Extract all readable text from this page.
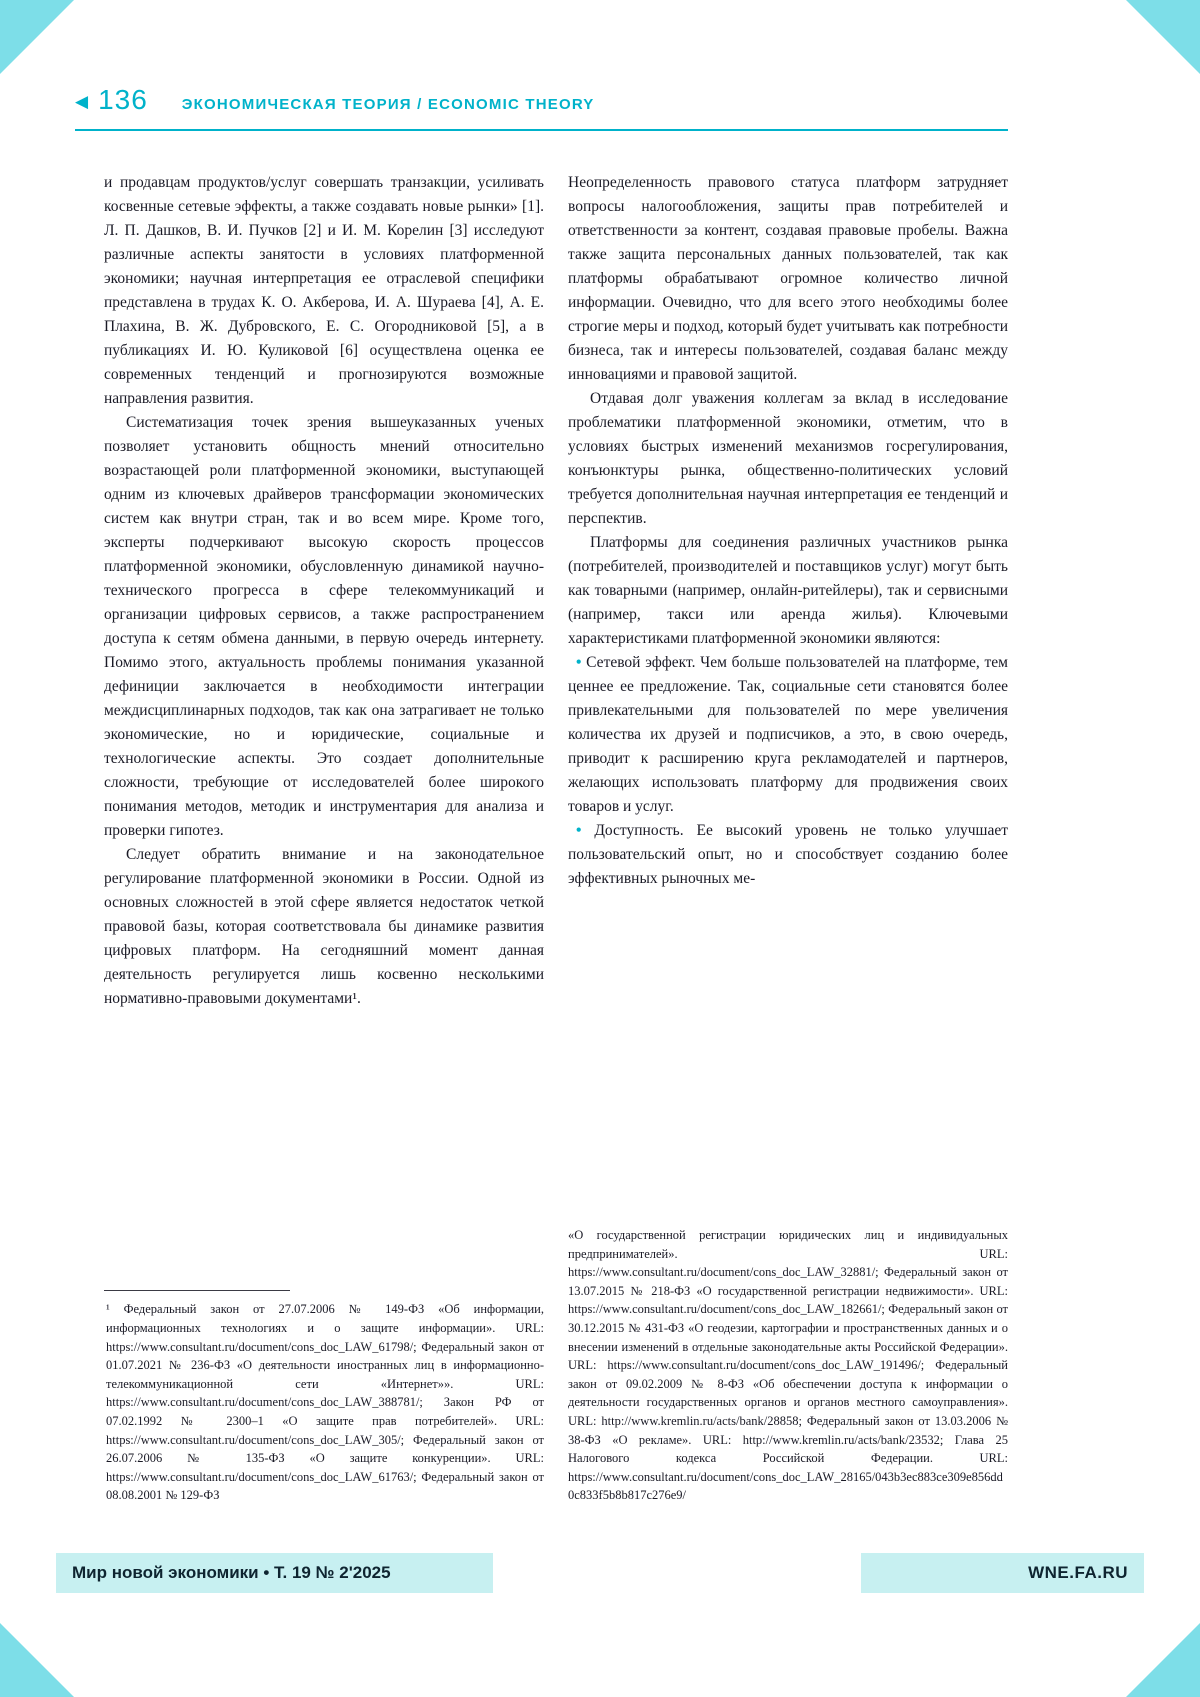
◀ 136 ЭКОНОМИЧЕСКАЯ ТЕОРИЯ / ECONOMIC THEORY

и продавцам продуктов/услуг совершать транзакции, усиливать косвенные сетевые эффекты, а также создавать новые рынки» [1]. Л. П. Дашков, В. И. Пучков [2] и И. М. Корелин [3] исследуют различные аспекты занятости в условиях платформенной экономики; научная интерпретация ее отраслевой специфики представлена в трудах К. О. Акберова, И. А. Шураева [4], А. Е. Плахина, В. Ж. Дубровского, Е. С. Огородниковой [5], а в публикациях И. Ю. Куликовой [6] осуществлена оценка ее современных тенденций и прогнозируются возможные направления развития.

Систематизация точек зрения вышеуказанных ученых позволяет установить общность мнений относительно возрастающей роли платформенной экономики, выступающей одним из ключевых драйверов трансформации экономических систем как внутри стран, так и во всем мире. Кроме того, эксперты подчеркивают высокую скорость процессов платформенной экономики, обусловленную динамикой научно-технического прогресса в сфере телекоммуникаций и организации цифровых сервисов, а также распространением доступа к сетям обмена данными, в первую очередь интернету. Помимо этого, актуальность проблемы понимания указанной дефиниции заключается в необходимости интеграции междисциплинарных подходов, так как она затрагивает не только экономические, но и юридические, социальные и технологические аспекты. Это создает дополнительные сложности, требующие от исследователей более широкого понимания методов, методик и инструментария для анализа и проверки гипотез.

Следует обратить внимание и на законодательное регулирование платформенной экономики в России. Одной из основных сложностей в этой сфере является недостаток четкой правовой базы, которая соответствовала бы динамике развития цифровых платформ. На сегодняшний момент данная деятельность регулируется лишь косвенно несколькими нормативно-правовыми документами¹.

¹ Федеральный закон от 27.07.2006 № 149-ФЗ «Об информации, информационных технологиях и о защите информации». URL: https://www.consultant.ru/document/cons_doc_LAW_61798/; Федеральный закон от 01.07.2021 № 236-ФЗ «О деятельности иностранных лиц в информационно-телекоммуникационной сети «Интернет»». URL: https://www.consultant.ru/document/cons_doc_LAW_388781/; Закон РФ от 07.02.1992 № 2300–1 «О защите прав потребителей». URL: https://www.consultant.ru/document/cons_doc_LAW_305/; Федеральный закон от 26.07.2006 № 135-ФЗ «О защите конкуренции». URL: https://www.consultant.ru/document/cons_doc_LAW_61763/; Федеральный закон от 08.08.2001 № 129-ФЗ

Неопределенность правового статуса платформ затрудняет вопросы налогообложения, защиты прав потребителей и ответственности за контент, создавая правовые пробелы. Важна также защита персональных данных пользователей, так как платформы обрабатывают огромное количество личной информации. Очевидно, что для всего этого необходимы более строгие меры и подход, который будет учитывать как потребности бизнеса, так и интересы пользователей, создавая баланс между инновациями и правовой защитой.

Отдавая долг уважения коллегам за вклад в исследование проблематики платформенной экономики, отметим, что в условиях быстрых изменений механизмов госрегулирования, конъюнктуры рынка, общественно-политических условий требуется дополнительная научная интерпретация ее тенденций и перспектив.

Платформы для соединения различных участников рынка (потребителей, производителей и поставщиков услуг) могут быть как товарными (например, онлайн-ритейлеры), так и сервисными (например, такси или аренда жилья). Ключевыми характеристиками платформенной экономики являются:

• Сетевой эффект. Чем больше пользователей на платформе, тем ценнее ее предложение. Так, социальные сети становятся более привлекательными для пользователей по мере увеличения количества их друзей и подписчиков, а это, в свою очередь, приводит к расширению круга рекламодателей и партнеров, желающих использовать платформу для продвижения своих товаров и услуг.

• Доступность. Ее высокий уровень не только улучшает пользовательский опыт, но и способствует созданию более эффективных рыночных ме-

«О государственной регистрации юридических лиц и индивидуальных предпринимателей». URL: https://www.consultant.ru/document/cons_doc_LAW_32881/; Федеральный закон от 13.07.2015 № 218-ФЗ «О государственной регистрации недвижимости». URL: https://www.consultant.ru/document/cons_doc_LAW_182661/; Федеральный закон от 30.12.2015 № 431-ФЗ «О геодезии, картографии и пространственных данных и о внесении изменений в отдельные законодательные акты Российской Федерации». URL: https://www.consultant.ru/document/cons_doc_LAW_191496/; Федеральный закон от 09.02.2009 № 8-ФЗ «Об обеспечении доступа к информации о деятельности государственных органов и органов местного самоуправления». URL: http://www.kremlin.ru/acts/bank/28858; Федеральный закон от 13.03.2006 № 38-ФЗ «О рекламе». URL: http://www.kremlin.ru/acts/bank/23532; Глава 25 Налогового кодекса Российской Федерации. URL: https://www.consultant.ru/document/cons_doc_LAW_28165/043b3ec883ce309e856dd0c833f5b8b817c276e9/

Мир новой экономики • Т. 19 № 2'2025	WNE.FA.RU
